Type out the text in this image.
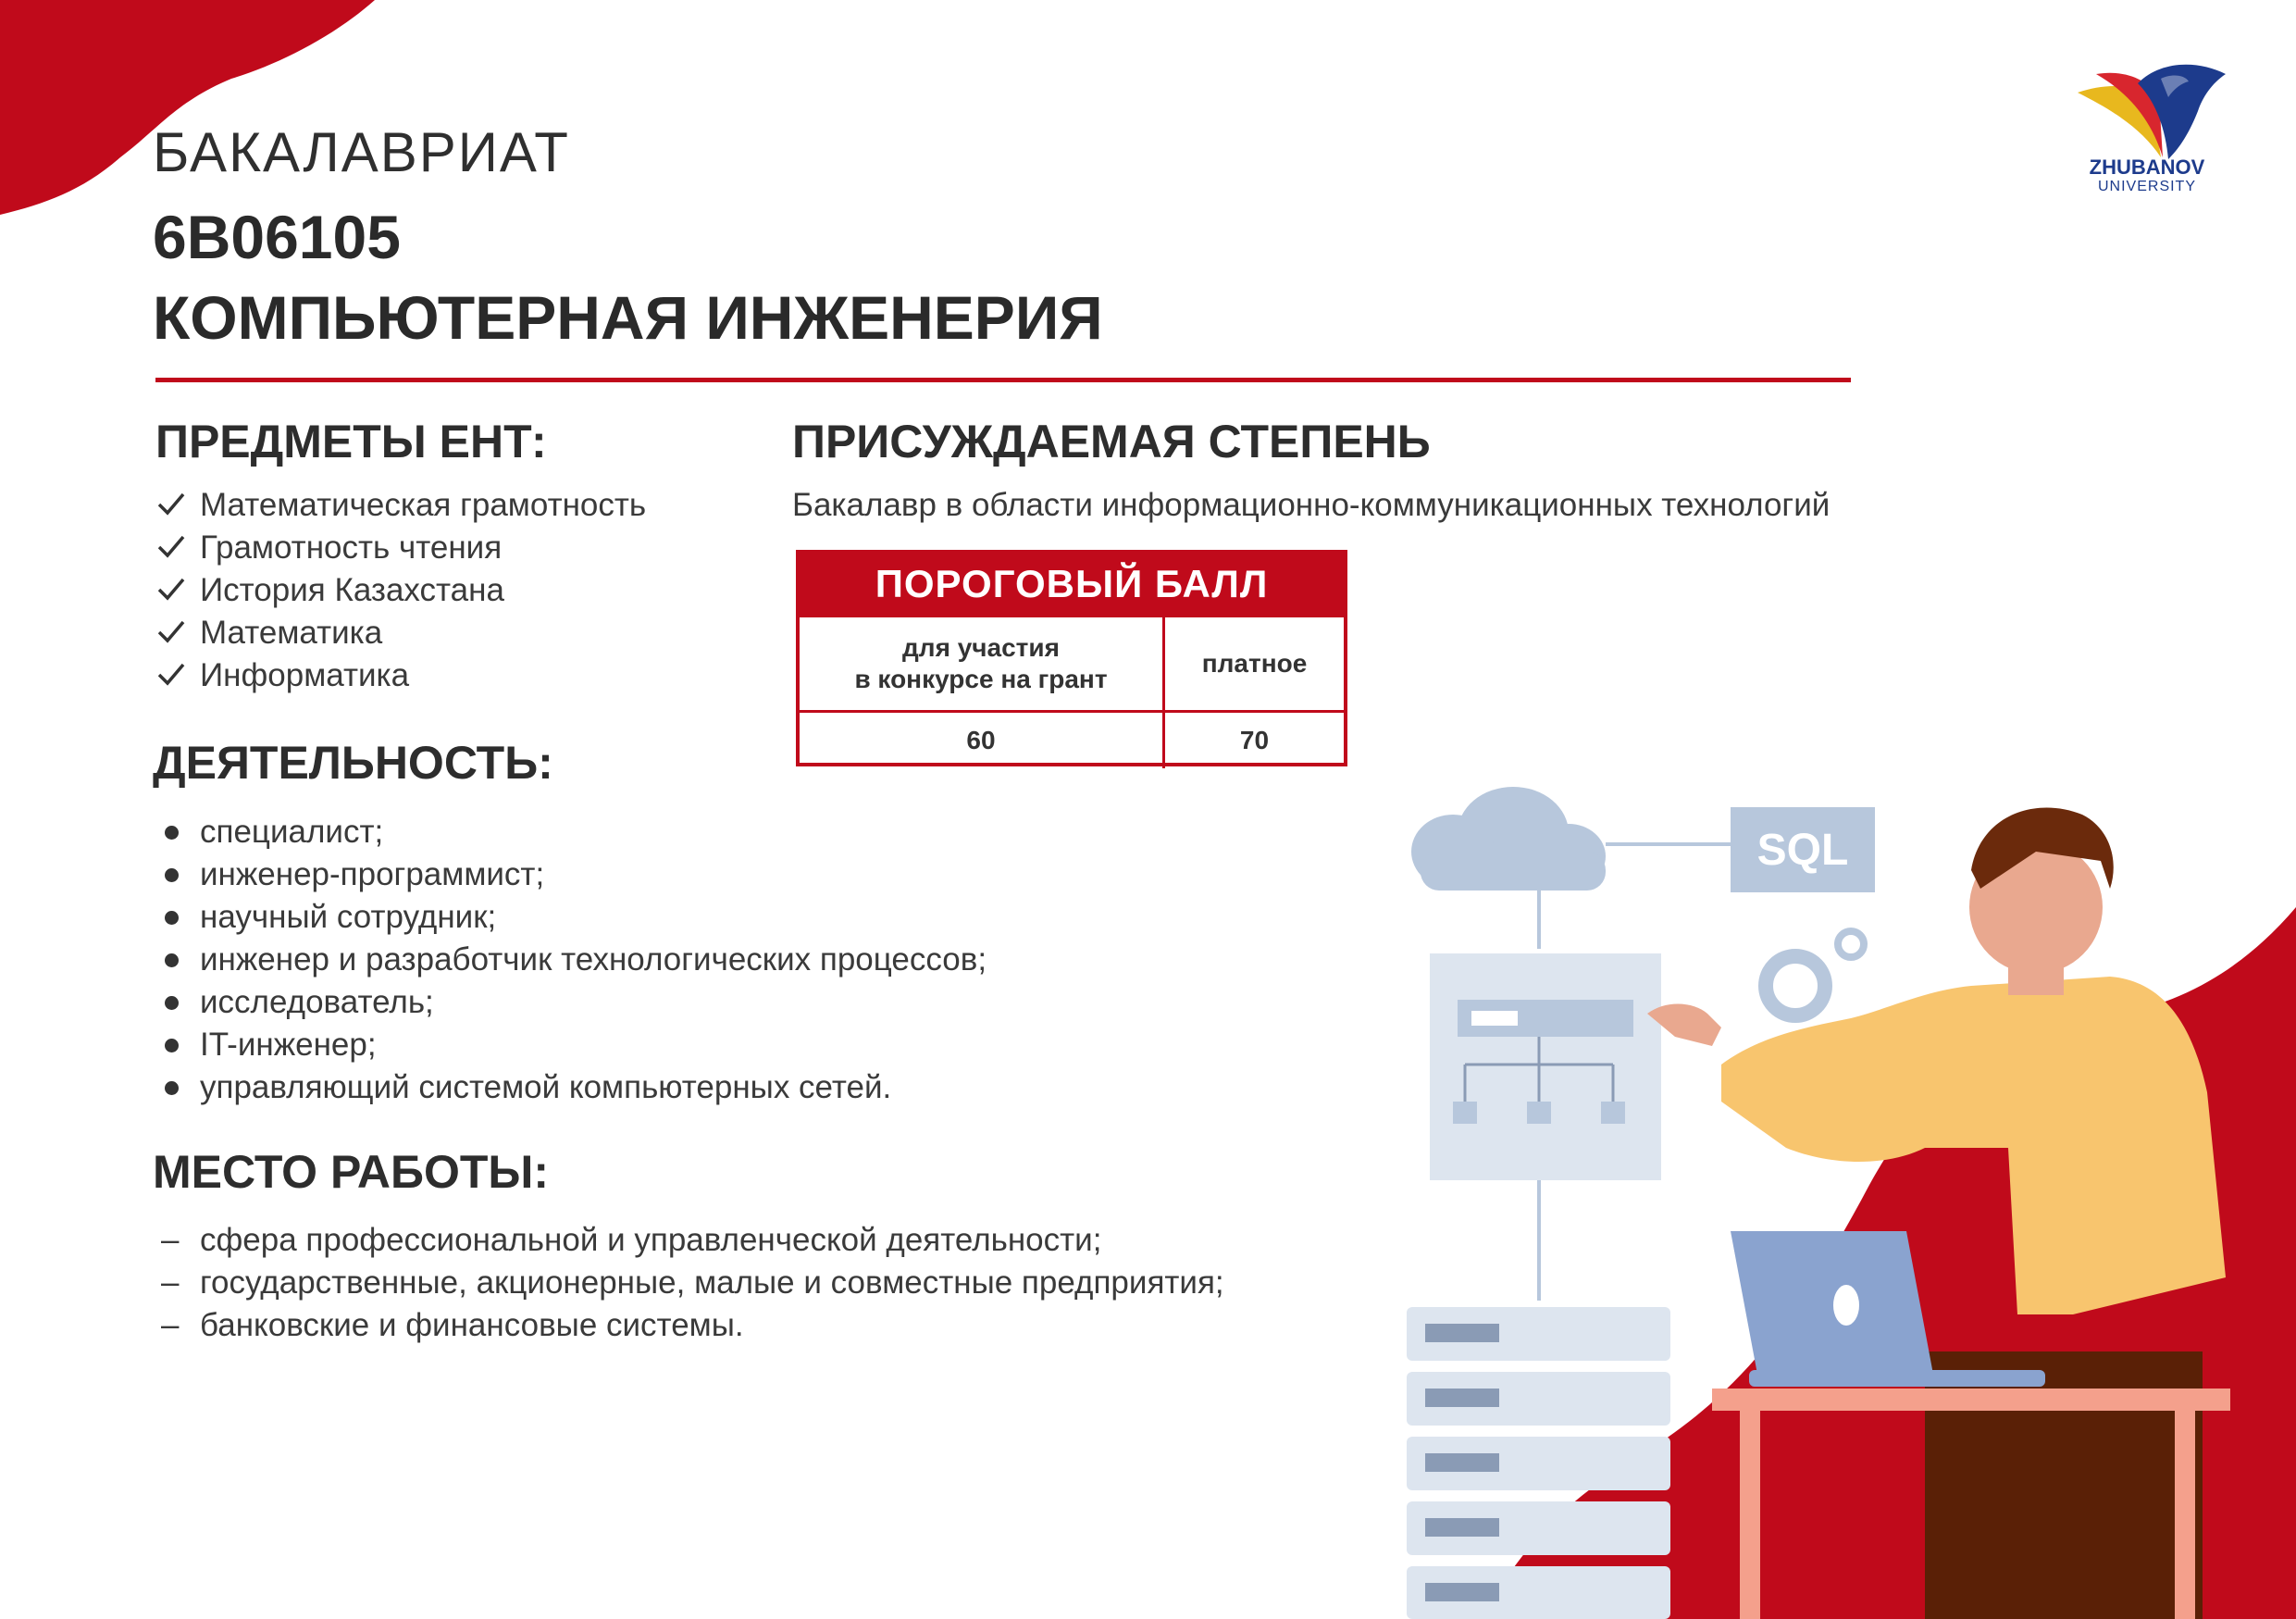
БАКАЛАВРИАТ
6B06105
КОМПЬЮТЕРНАЯ ИНЖЕНЕРИЯ
ZHUBANOV
UNIVERSITY
ПРЕДМЕТЫ ЕНТ:
Математическая грамотность
Грамотность чтения
История Казахстана
Математика
Информатика
ПРИСУЖДАЕМАЯ СТЕПЕНЬ
Бакалавр в области информационно-коммуникационных технологий
ПОРОГОВЫЙ БАЛЛ
для участия
в конкурсе на грант
платное
60	70
ДЕЯТЕЛЬНОСТЬ:
специалист;
инженер-программист;
научный сотрудник;
инженер и разработчик технологических процессов;
исследователь;
IT-инженер;
управляющий системой компьютерных сетей.
МЕСТО РАБОТЫ:
– сфера профессиональной и управленческой деятельности;
– государственные, акционерные, малые и совместные предприятия;
– банковские и финансовые системы.
SQL
